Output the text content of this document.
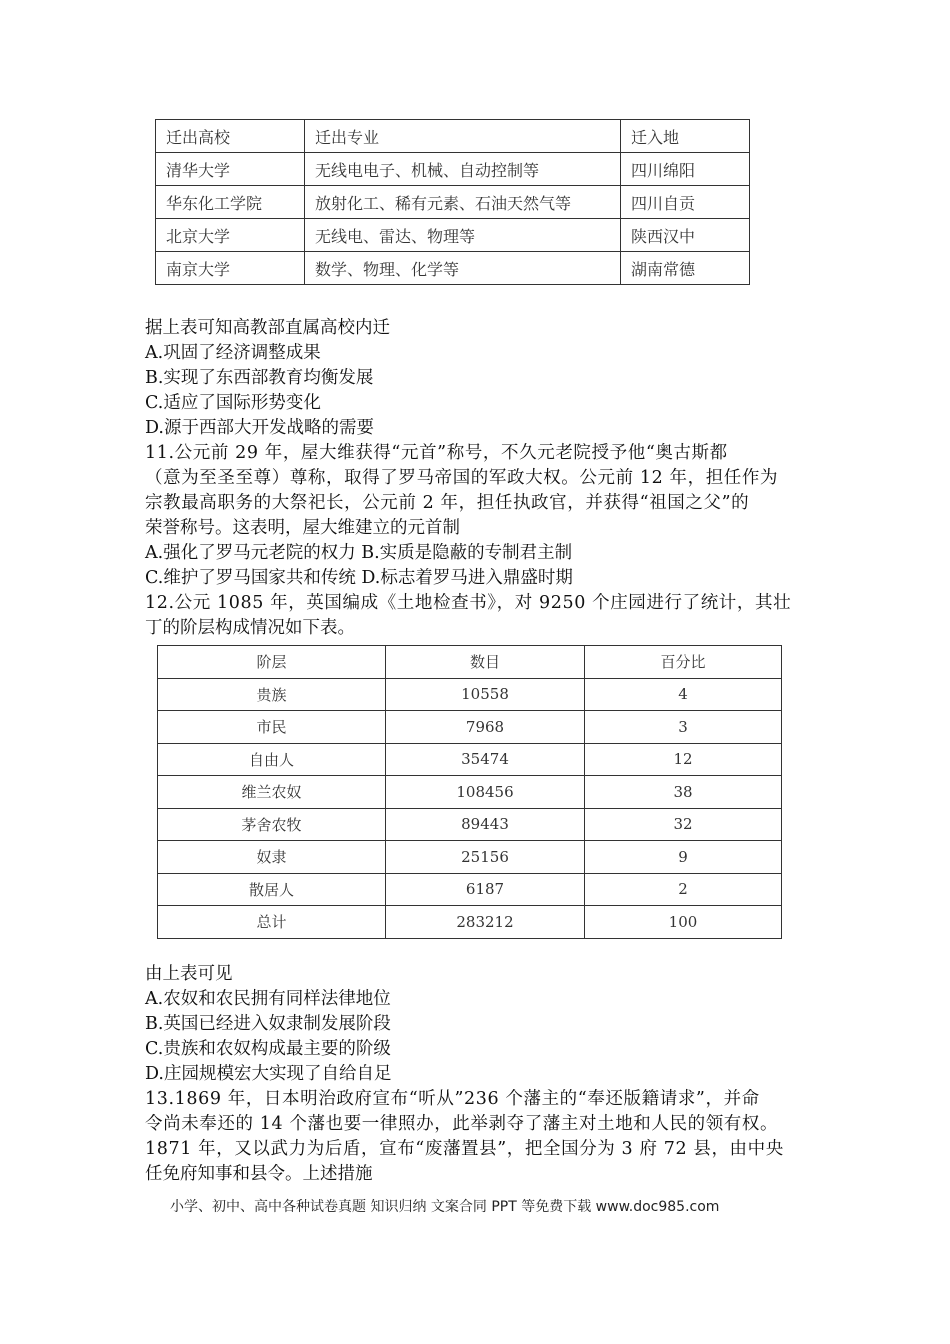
迁出高校	迁出专业	迁入地
清华大学	无线电电子、机械、自动控制等	四川绵阳
华东化工学院	放射化工、稀有元素、石油天然气等	四川自贡
北京大学	无线电、雷达、物理等	陕西汉中
南京大学	数学、物理、化学等	湖南常德
据上表可知高教部直属高校内迁
A.巩固了经济调整成果
B.实现了东西部教育均衡发展
C.适应了国际形势变化
D.源于西部大开发战略的需要
11.公元前 29 年，屋大维获得“元首”称号，不久元老院授予他“奥古斯都
（意为至圣至尊）尊称，取得了罗马帝国的军政大权。公元前 12 年，担任作为
宗教最高职务的大祭祀长，公元前 2 年，担任执政官，并获得“祖国之父”的
荣誉称号。这表明，屋大维建立的元首制
A.强化了罗马元老院的权力 B.实质是隐蔽的专制君主制
C.维护了罗马国家共和传统 D.标志着罗马进入鼎盛时期
12.公元 1085 年，英国编成《土地检查书》，对 9250 个庄园进行了统计，其壮
丁的阶层构成情况如下表。
阶层	数目	百分比
贵族	10558	4
市民	7968	3
自由人	35474	12
维兰农奴	108456	38
茅舍农牧	89443	32
奴隶	25156	9
散居人	6187	2
总计	283212	100
由上表可见
A.农奴和农民拥有同样法律地位
B.英国已经进入奴隶制发展阶段
C.贵族和农奴构成最主要的阶级
D.庄园规模宏大实现了自给自足
13.1869 年，日本明治政府宣布“听从”236 个藩主的“奉还版籍请求”，并命
令尚未奉还的 14 个藩也要一律照办，此举剥夺了藩主对土地和人民的领有权。
1871 年，又以武力为后盾，宣布“废藩置县”，把全国分为 3 府 72 县，由中央
任免府知事和县令。上述措施
小学、初中、高中各种试卷真题 知识归纳 文案合同 PPT 等免费下载 www.doc985.com
